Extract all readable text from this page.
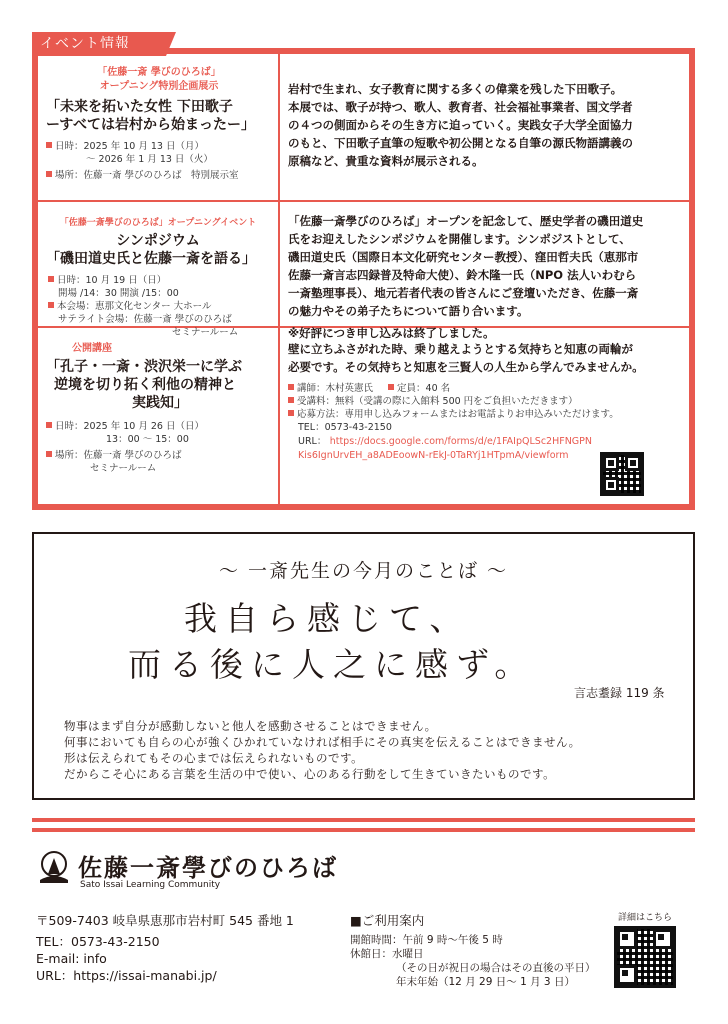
イベント情報
「佐藤一斎 學びのひろば」
オープニング特別企画展示
「未来を拓いた女性 下田歌子
ーすべては岩村から始まったー」
日時：2025 年 10 月 13 日（月）
〜 2026 年 1 月 13 日（火）
場所：佐藤一斎 學びのひろば　特別展示室
岩村で生まれ、女子教育に関する多くの偉業を残した下田歌子。
本展では、歌子が持つ、歌人、教育者、社会福祉事業者、国文学者
の４つの側面からその生き方に迫っていく。実践女子大学全面協力
のもと、下田歌子直筆の短歌や初公開となる自筆の源氏物語講義の
原稿など、貴重な資料が展示される。
「佐藤一斎學びのひろば」オープニングイベント
シンポジウム
「磯田道史氏と佐藤一斎を語る」
日時：10 月 19 日（日）
開場 /14：30 開演 /15：00
本会場：恵那文化センター 大ホール
サテライト会場：佐藤一斎 學びのひろば
セミナールーム
「佐藤一斎學びのひろば」オープンを記念して、歴史学者の磯田道史
氏をお迎えしたシンポジウムを開催します。シンポジストとして、
磯田道史氏（国際日本文化研究センター教授）、窪田哲夫氏（恵那市
佐藤一斎言志四録普及特命大使）、鈴木隆一氏（NPO 法人いわむら
一斎塾理事長）、地元若者代表の皆さんにご登壇いただき、佐藤一斎
の魅力やその弟子たちについて語り合います。
※好評につき申し込みは終了しました。
公開講座
「孔子・一斎・渋沢栄一に学ぶ
逆境を切り拓く利他の精神と
実践知」
日時：2025 年 10 月 26 日（日）
13：00 〜 15：00
場所：佐藤一斎 學びのひろば
セミナールーム
壁に立ちふさがれた時、乗り越えようとする気持ちと知恵の両輪が
必要です。その気持ちと知恵を三賢人の人生から学んでみませんか。
講師：木村英憲氏	定員：40 名
受講料：無料（受講の際に入館料 500 円をご負担いただきます）
応募方法：専用申し込みフォームまたはお電話よりお申込みいただけます。
TEL：0573-43-2150
URL： https://docs.google.com/forms/d/e/1FAIpQLSc2HFNGPNKis6IgnUrvEH_a8ADEoowN-rEkJ-0TaRYj1HTpmA/viewform
〜 一斎先生の今月のことば 〜
我自ら感じて、
而る後に人之に感ず。
言志耋録 119 条
物事はまず自分が感動しないと他人を感動させることはできません。
何事においても自らの心が強くひかれていなければ相手にその真実を伝えることはできません。
形は伝えられてもその心までは伝えられないものです。
だからこそ心にある言葉を生活の中で使い、心のある行動をして生きていきたいものです。
佐藤一斎學びのひろば
Sato Issai Learning Community
〒509-7403 岐阜県恵那市岩村町 545 番地 1
TEL：0573-43-2150
E-mail: info
URL：https://issai-manabi.jp/
■ご利用案内
開館時間：午前 9 時〜午後 5 時
休館日：水曜日
（その日が祝日の場合はその直後の平日）
年末年始（12 月 29 日〜 1 月 3 日）
詳細はこちら
